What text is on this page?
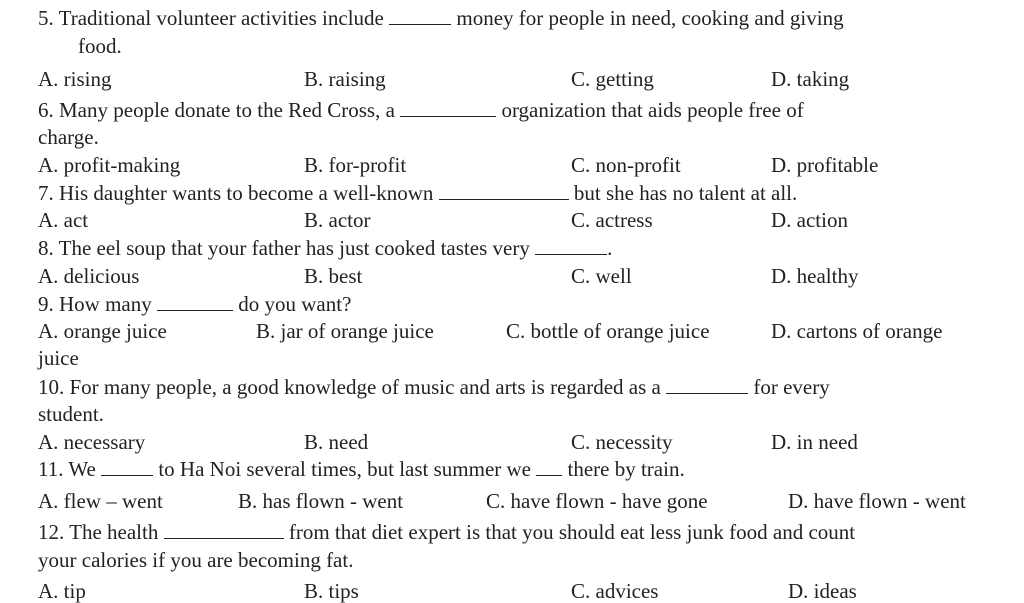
5. Traditional volunteer activities include	money for people in need, cooking and giving
food.
A. rising	B. raising	C. getting	D. taking
6. Many people donate to the Red Cross, a	organization that aids people free of
charge.
A. profit-making	B. for-profit	C. non-profit	D. profitable
7. His daughter wants to become a well-known	but she has no talent at all.
A. act	B. actor	C. actress	D. action
8. The eel soup that your father has just cooked tastes very	.
A. delicious	B. best	C. well	D. healthy
9. How many	do you want?
A. orange juice	B. jar of orange juice	C. bottle of orange juice	D. cartons of orange
juice
10. For many people, a good knowledge of music and arts is regarded as a	for every
student.
A. necessary	B. need	C. necessity	D. in need
11. We	to Ha Noi several times, but last summer we there by train.
A. flew – went	B. has flown - went	C. have flown - have gone	D. have flown - went
12. The health	from that diet expert is that you should eat less junk food and count
your calories if you are becoming fat.
A. tip	B. tips	C. advices	D. ideas
